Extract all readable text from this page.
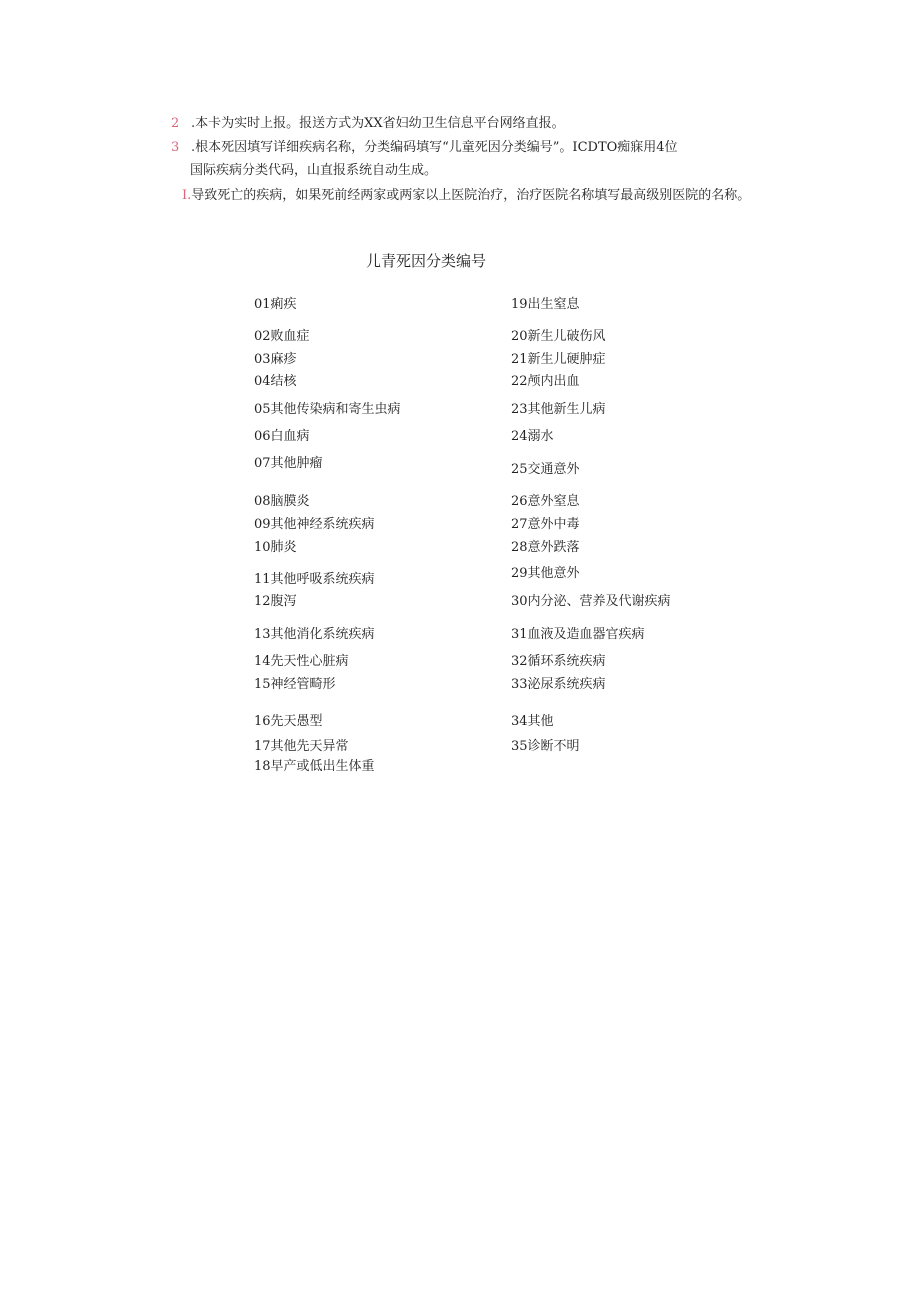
2 .本卡为实时上报。报送方式为XX省妇幼卫生信息平台网络直报。
3 .根本死因填写详细疾病名称，分类编码填写“儿童死因分类编号”。ICDTO痴寐用4位
国际疾病分类代码，山直报系统自动生成。
I.导致死亡的疾病，如果死前经两家或两家以上医院治疗，治疗医院名称填写最高级别医院的名称。
儿青死因分类编号
01痢疾
02败血症
03麻疹
04结核
05其他传染病和寄生虫病
06白血病
07其他肿瘤
08脑膜炎
09其他神经系统疾病
10肺炎
11其他呼吸系统疾病
12腹泻
13其他消化系统疾病
14先天性心脏病
15神经管畸形
16先天愚型
17其他先天异常
18早产或低出生体重
19出生窒息
20新生儿破伤风
21新生儿硬肿症
22颅内出血
23其他新生儿病
24溺水
25交通意外
26意外窒息
27意外中毒
28意外跌落
29其他意外
30内分泌、营养及代谢疾病
31血液及造血器官疾病
32循环系统疾病
33泌尿系统疾病
34其他
35诊断不明
